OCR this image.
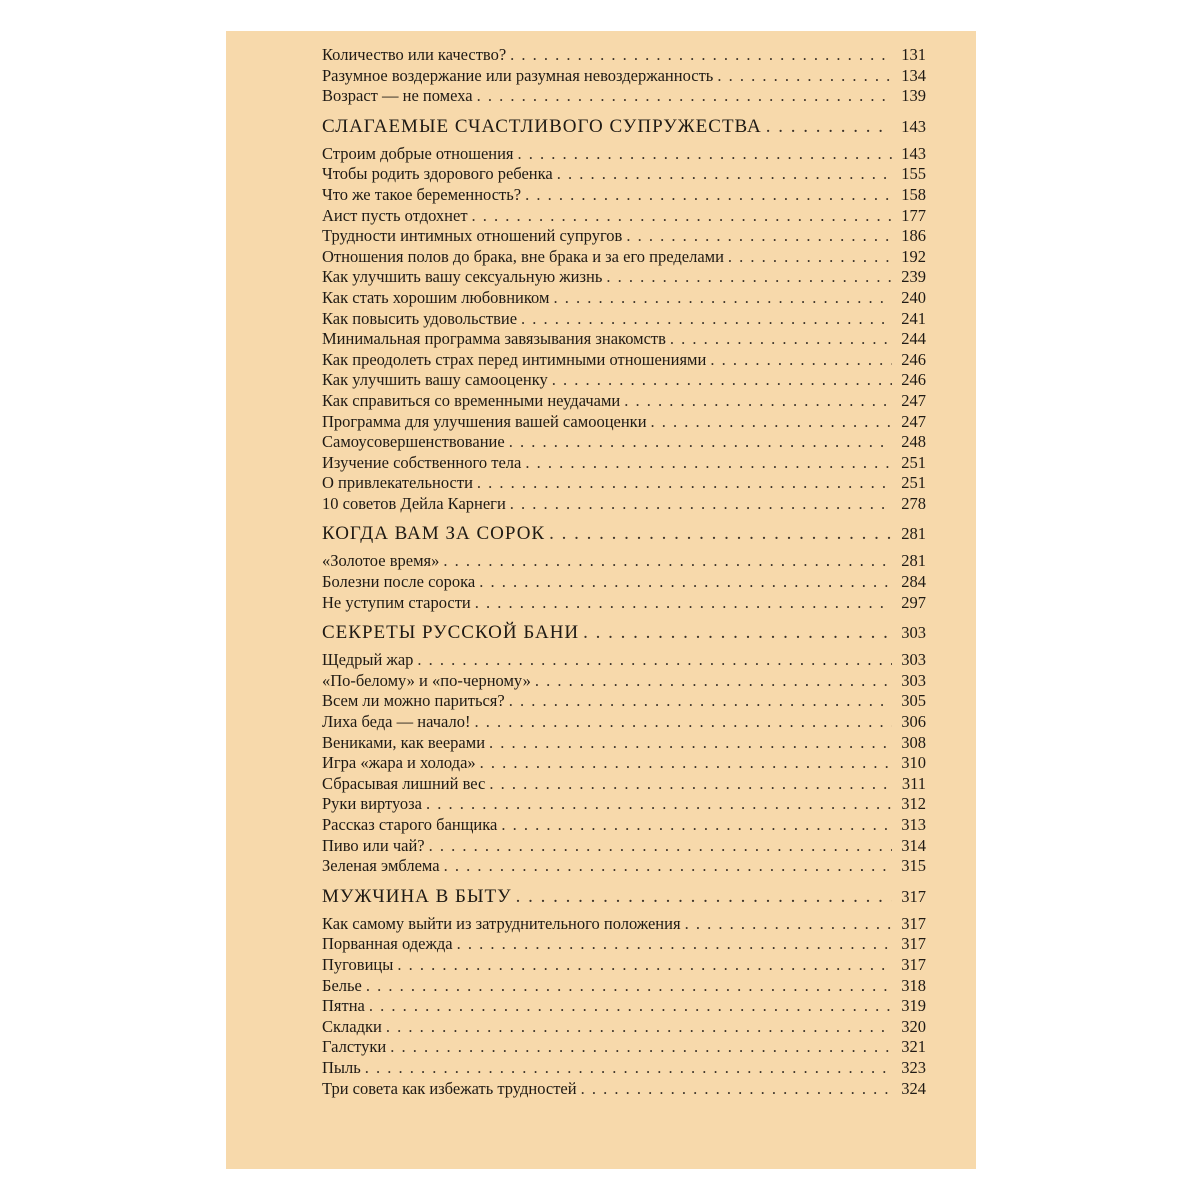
Количество или качество? . . .	131
Разумное воздержание или разумная невоздержанность . . .	134
Возраст — не помеха . . .	139
СЛАГАЕМЫЕ СЧАСТЛИВОГО СУПРУЖЕСТВА . . .	143
Строим добрые отношения . . .	143
Чтобы родить здорового ребенка . . .	155
Что же такое беременность? . . .	158
Аист пусть отдохнет . . .	177
Трудности интимных отношений супругов . . .	186
Отношения полов до брака, вне брака и за его пределами . . .	192
Как улучшить вашу сексуальную жизнь . . .	239
Как стать хорошим любовником . . .	240
Как повысить удовольствие . . .	241
Минимальная программа завязывания знакомств . . .	244
Как преодолеть страх перед интимными отношениями . . .	246
Как улучшить вашу самооценку . . .	246
Как справиться со временными неудачами . . .	247
Программа для улучшения вашей самооценки . . .	247
Самоусовершенствование . . .	248
Изучение собственного тела . . .	251
О привлекательности . . .	251
10 советов Дейла Карнеги . . .	278
КОГДА ВАМ ЗА СОРОК . . .	281
«Золотое время» . . .	281
Болезни после сорока . . .	284
Не уступим старости . . .	297
СЕКРЕТЫ РУССКОЙ БАНИ . . .	303
Щедрый жар . . .	303
«По-белому» и «по-черному» . . .	303
Всем ли можно париться? . . .	305
Лиха беда — начало! . . .	306
Вениками, как веерами . . .	308
Игра «жара и холода» . . .	310
Сбрасывая лишний вес . . .	311
Руки виртуоза . . .	312
Рассказ старого банщика . . .	313
Пиво или чай? . . .	314
Зеленая эмблема . . .	315
МУЖЧИНА В БЫТУ . . .	317
Как самому выйти из затруднительного положения . . .	317
Порванная одежда . . .	317
Пуговицы . . .	317
Белье . . .	318
Пятна . . .	319
Складки . . .	320
Галстуки . . .	321
Пыль . . .	323
Три совета как избежать трудностей . . .	324
